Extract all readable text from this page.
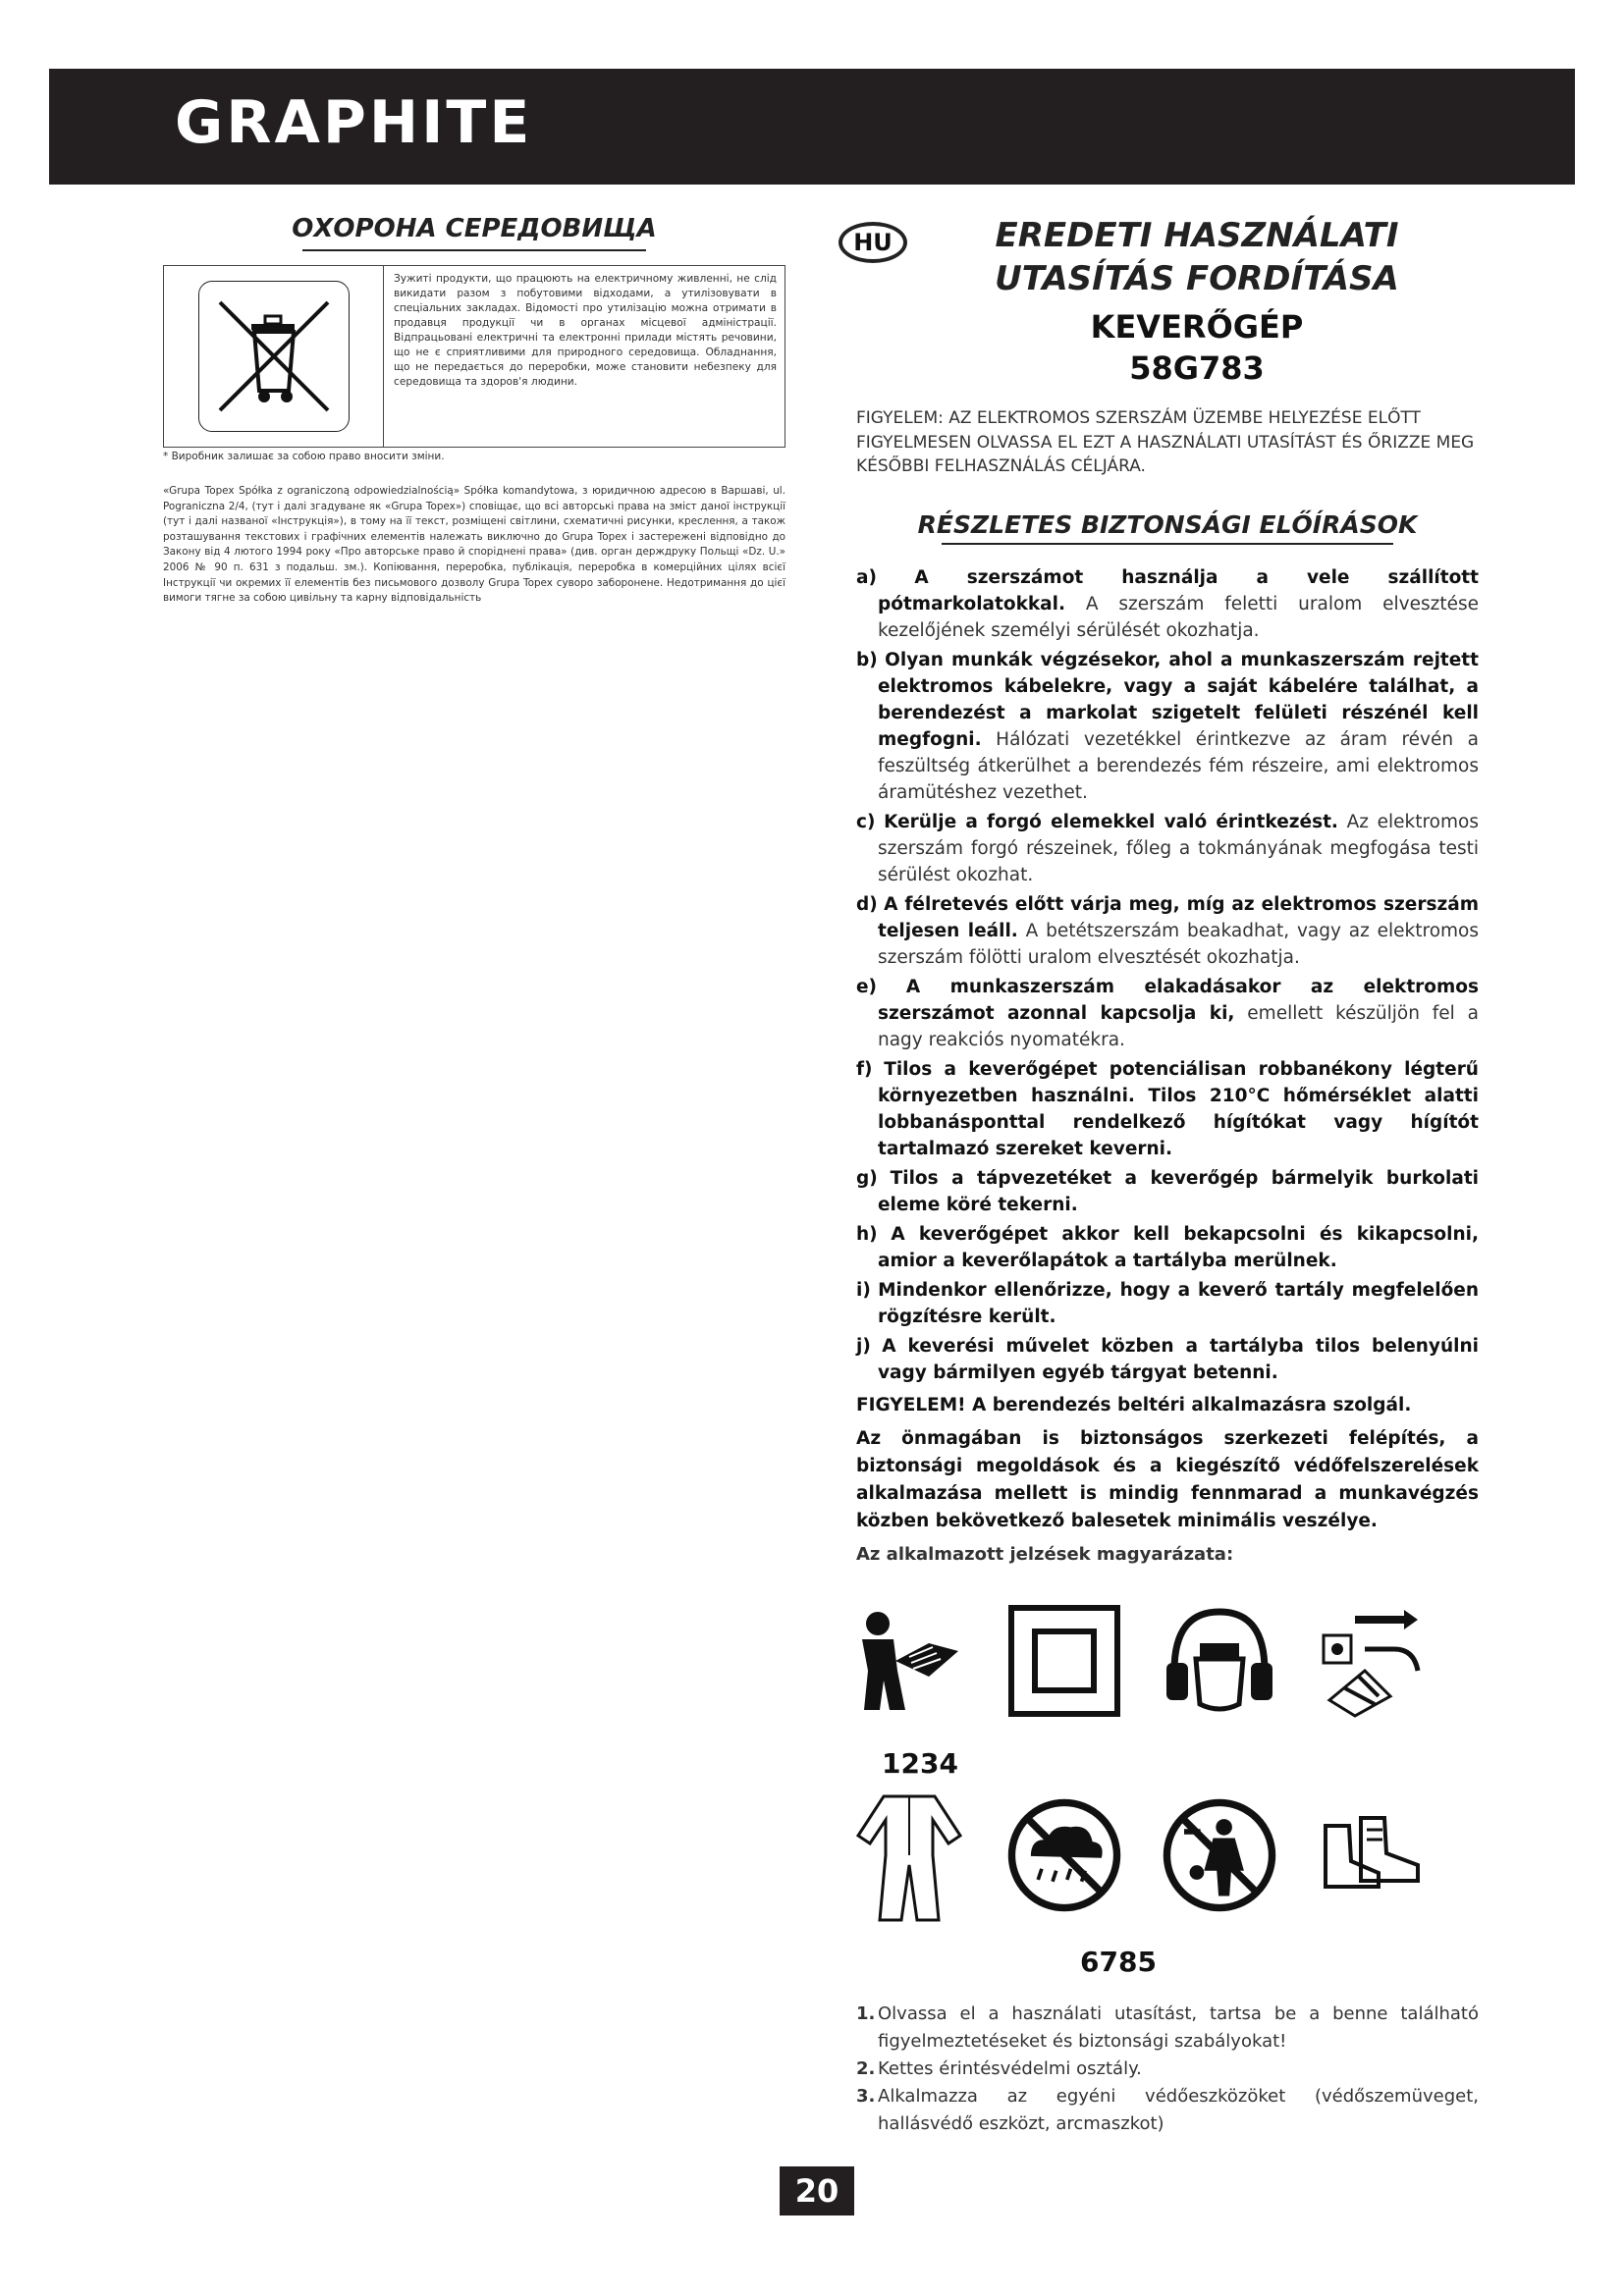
GRAPHITE
ОХОРОНА СЕРЕДОВИЩА
Зужиті продукти, що працюють на електричному живленні, не слід викидати разом з побутовими відходами, а утилізовувати в спеціальних закладах. Відомості про утилізацію можна отримати в продавця продукції чи в органах місцевої адміністрації. Відпрацьовані електричні та електронні прилади містять речовини, що не є сприятливими для природного середовища. Обладнання, що не передається до переробки, може становити небезпеку для середовища та здоров'я людини.
* Виробник залишає за собою право вносити зміни.
«Grupa Topex Spółka z ograniczoną odpowiedzialnością» Spółka komandytowa, з юридичною адресою в Варшаві, ul. Pograniczna 2/4, (тут і далі згадуване як «Grupa Topex») сповіщає, що всі авторські права на зміст даної інструкції (тут і далі названої «Інструкція»), в тому на її текст, розміщені світлини, схематичні рисунки, креслення, а також розташування текстових і графічних елементів належать виключно до Grupa Topex і застережені відповідно до Закону від 4 лютого 1994 року «Про авторське право й споріднені права» (див. орган держдруку Польщі «Dz. U.» 2006 № 90 п. 631 з подальш. зм.). Копіювання, переробка, публікація, переробка в комерційних цілях всієї Інструкції чи окремих її елементів без письмового дозволу Grupa Topex суворо заборонене. Недотримання до цієї вимоги тягне за собою цивільну та карну відповідальність
HU	EREDETI HASZNÁLATI
UTASÍTÁS FORDÍTÁSA
KEVERŐGÉP
58G783
FIGYELEM: AZ ELEKTROMOS SZERSZÁM ÜZEMBE HELYEZÉSE ELŐTT FIGYELMESEN OLVASSA EL EZT A HASZNÁLATI UTASÍTÁST ÉS ŐRIZZE MEG KÉSŐBBI FELHASZNÁLÁS CÉLJÁRA.
RÉSZLETES BIZTONSÁGI ELŐÍRÁSOK
a) A szerszámot használja a vele szállított pótmarkolatokkal. A szerszám feletti uralom elvesztése kezelőjének személyi sérülését okozhatja.
b) Olyan munkák végzésekor, ahol a munkaszerszám rejtett elektromos kábelekre, vagy a saját kábelére találhat, a berendezést a markolat szigetelt felületi részénél kell megfogni. Hálózati vezetékkel érintkezve az áram révén a feszültség átkerülhet a berendezés fém részeire, ami elektromos áramütéshez vezethet.
c) Kerülje a forgó elemekkel való érintkezést. Az elektromos szerszám forgó részeinek, főleg a tokmányának megfogása testi sérülést okozhat.
d) A félretevés előtt várja meg, míg az elektromos szerszám teljesen leáll. A betétszerszám beakadhat, vagy az elektromos szerszám fölötti uralom elvesztését okozhatja.
e) A munkaszerszám elakadásakor az elektromos szerszámot azonnal kapcsolja ki, emellett készüljön fel a nagy reakciós nyomatékra.
f) Tilos a keverőgépet potenciálisan robbanékony légterű környezetben használni. Tilos 210°C hőmérséklet alatti lobbanásponttal rendelkező hígítókat vagy hígítót tartalmazó szereket keverni.
g) Tilos a tápvezetéket a keverőgép bármelyik burkolati eleme köré tekerni.
h) A keverőgépet akkor kell bekapcsolni és kikapcsolni, amior a keverőlapátok a tartályba merülnek.
i) Mindenkor ellenőrizze, hogy a keverő tartály megfelelően rögzítésre került.
j) A keverési művelet közben a tartályba tilos belenyúlni vagy bármilyen egyéb tárgyat betenni.
FIGYELEM! A berendezés beltéri alkalmazásra szolgál.
Az önmagában is biztonságos szerkezeti felépítés, a biztonsági megoldások és a kiegészítő védőfelszerelések alkalmazása mellett is mindig fennmarad a munkavégzés közben bekövetkező balesetek minimális veszélye.
Az alkalmazott jelzések magyarázata:
1234
6785
1. Olvassa el a használati utasítást, tartsa be a benne található figyelmeztetéseket és biztonsági szabályokat!
2. Kettes érintésvédelmi osztály.
3. Alkalmazza az egyéni védőeszközöket (védőszemüveget, hallásvédő eszközt, arcmaszkot)
20
